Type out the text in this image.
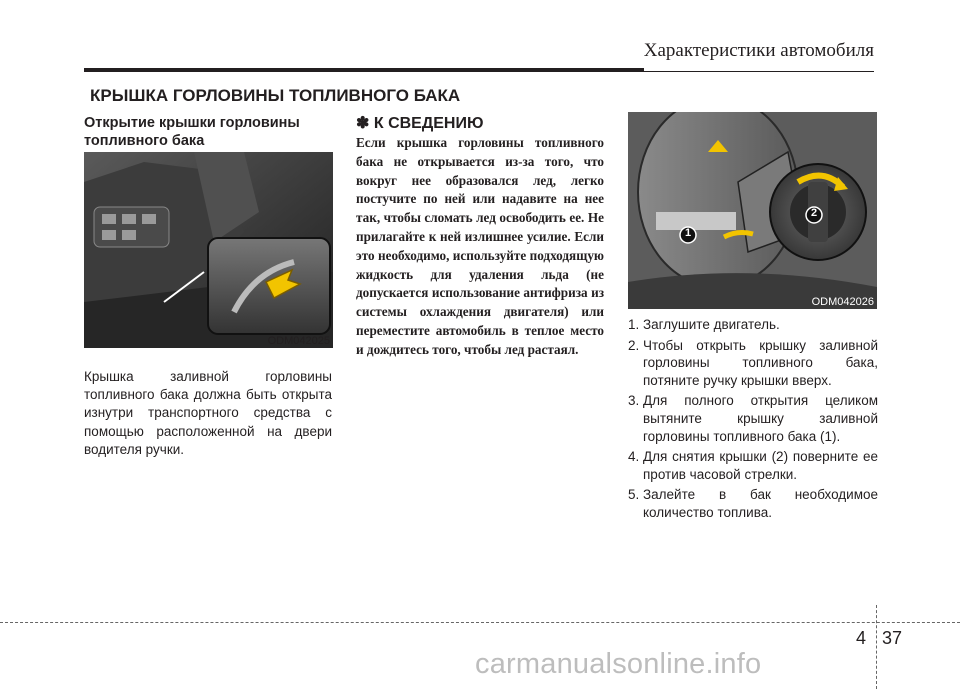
Характеристики автомобиля
КРЫШКА ГОРЛОВИНЫ ТОПЛИВНОГО БАКА
Открытие крышки горловины топливного бака
ODM042025
Крышка заливной горловины топливного бака должна быть открыта изнутри транспортного средства с помощью расположенной на двери водителя ручки.
✽ К СВЕДЕНИЮ
Если крышка горловины топливного бака не открывается из-за того, что вокруг нее образовался лед, легко постучите по ней или надавите на нее так, чтобы сломать лед освободить ее. Не прилагайте к ней излишнее усилие. Если это необходимо, используйте подходящую жидкость для удаления льда (не допускается использование антифриза из системы охлаждения двигателя) или переместите автомобиль в теплое место и дождитесь того, чтобы лед растаял.
1
2
ODM042026
1. Заглушите двигатель.
2. Чтобы открыть крышку заливной горловины топливного бака, потяните ручку крышки вверх.
3. Для полного открытия целиком вытяните крышку заливной горловины топливного бака (1).
4. Для снятия крышки (2) поверните ее против часовой стрелки.
5. Залейте в бак необходимое количество топлива.
4 37
carmanualsonline.info
